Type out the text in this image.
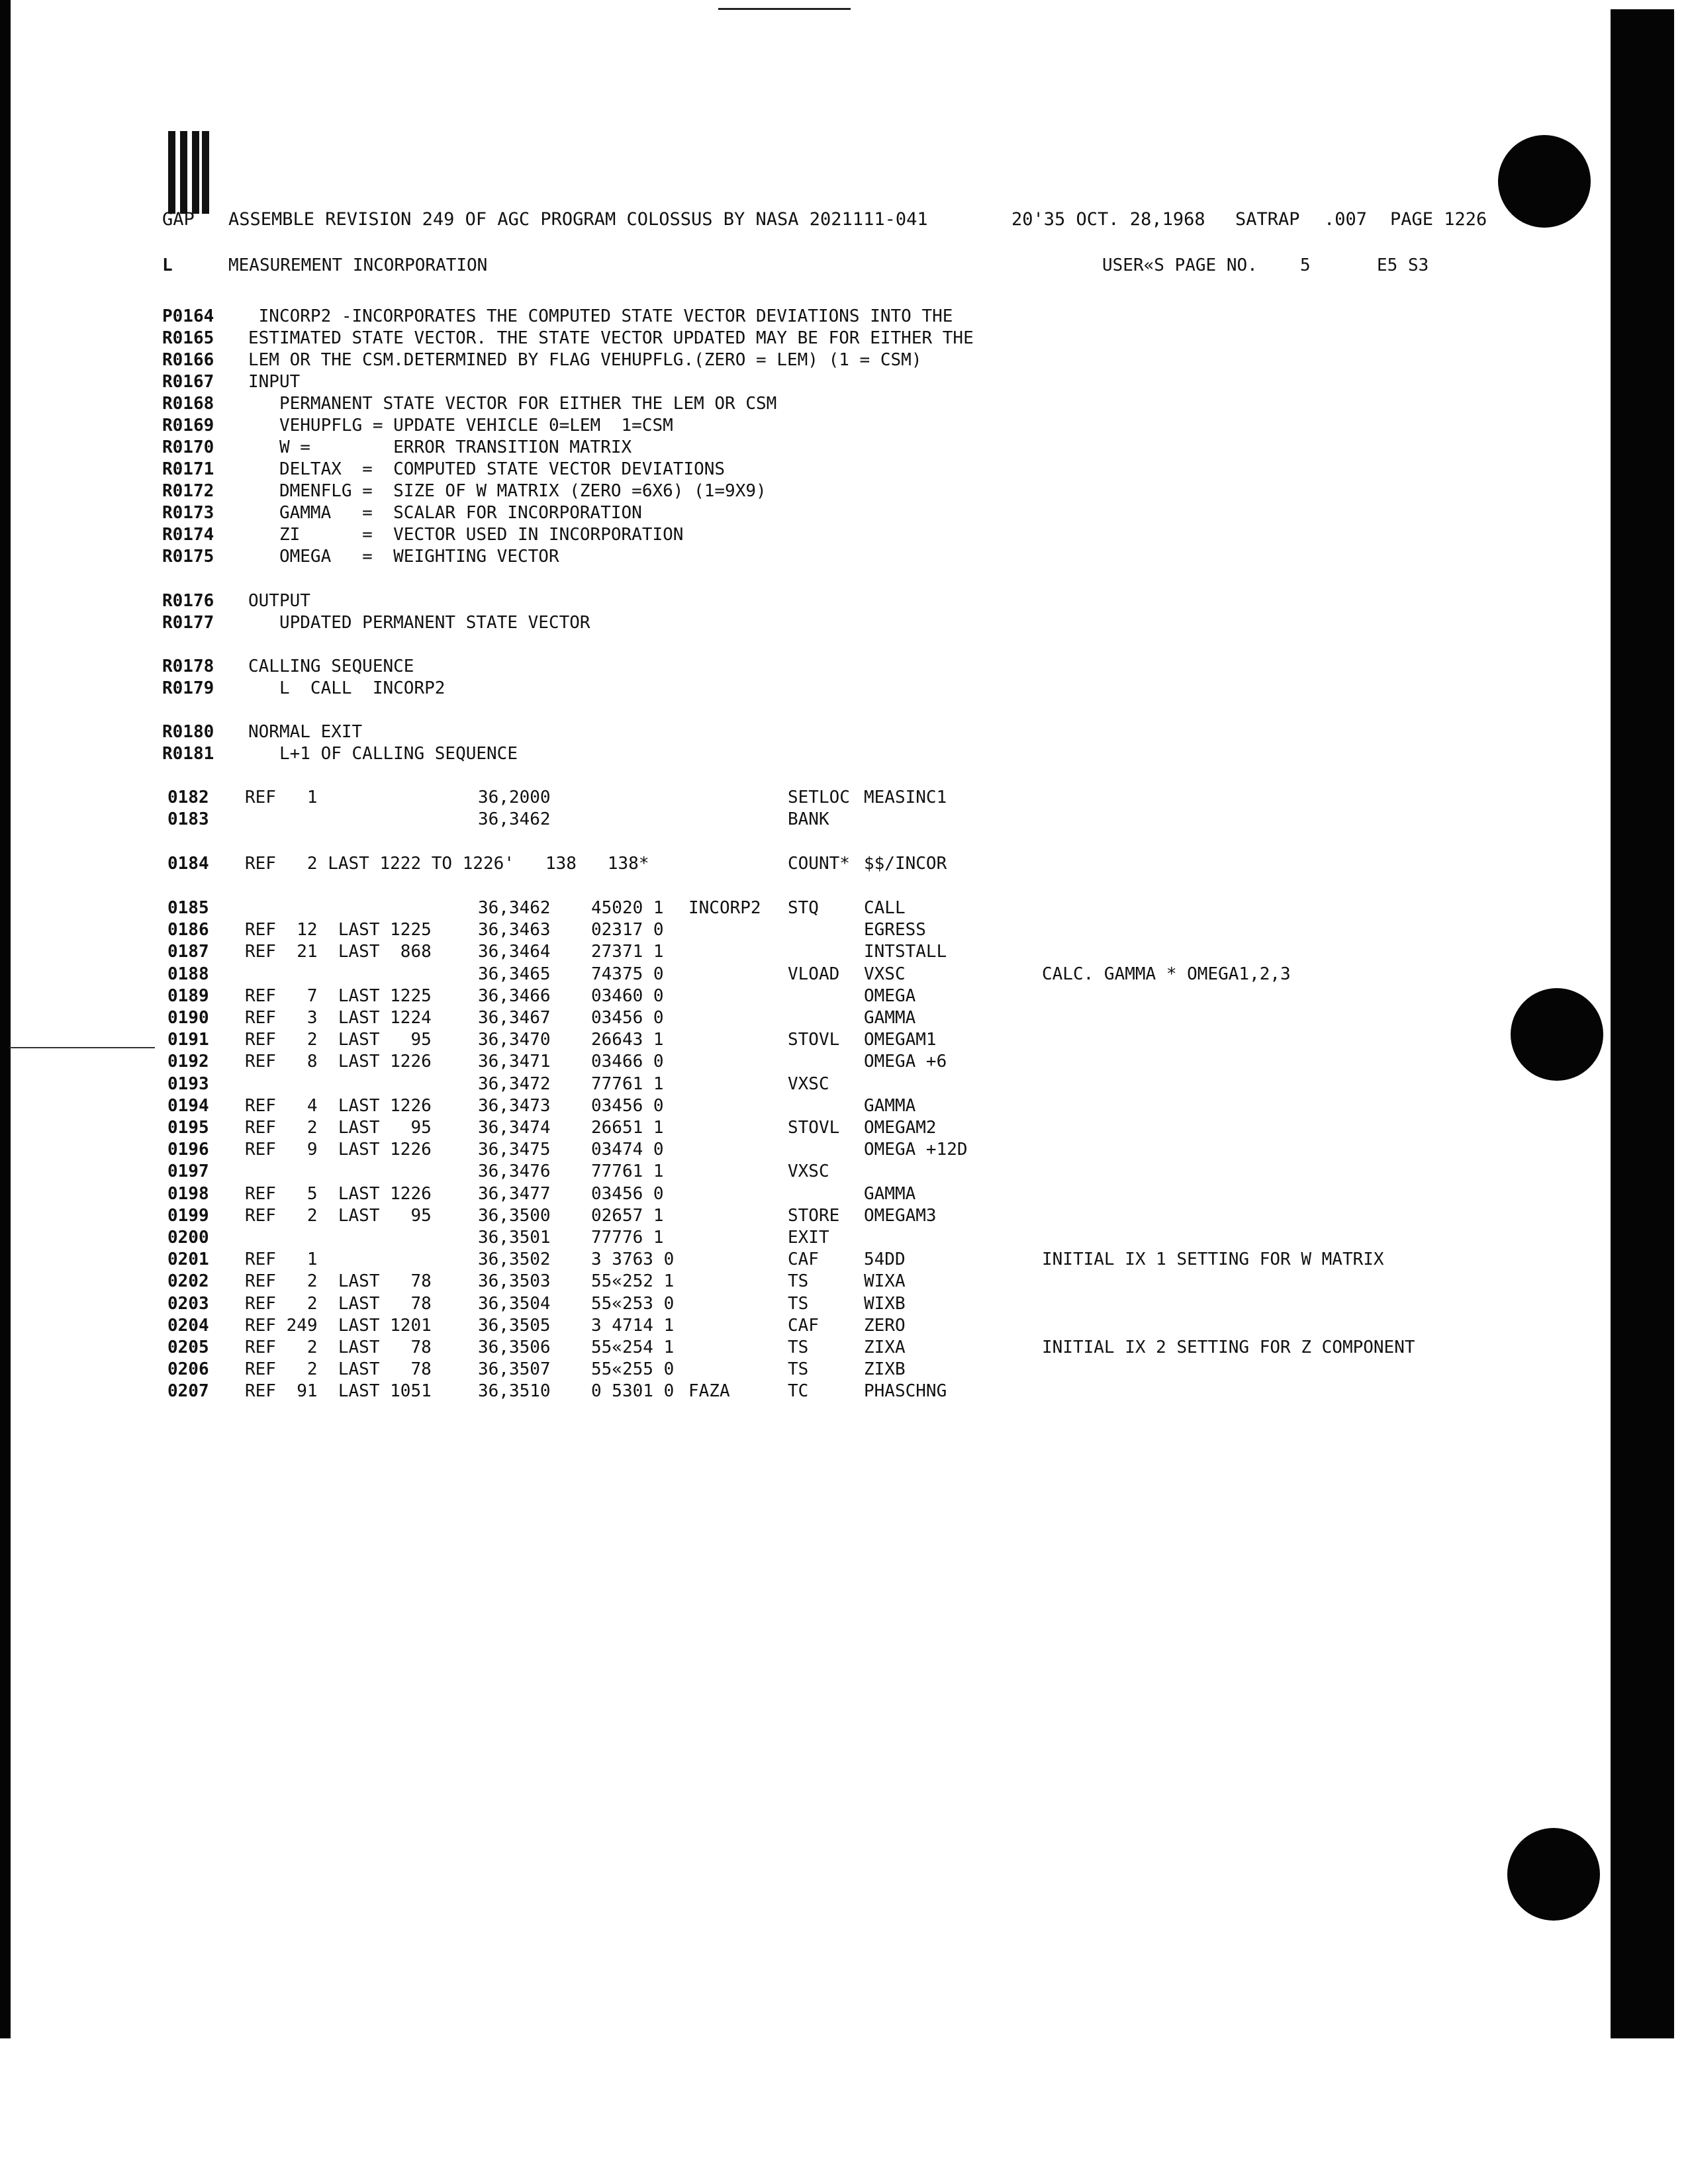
GAP ASSEMBLE REVISION 249 OF AGC PROGRAM COLOSSUS BY NASA 2021111-041	20'35 OCT. 28,1968 SATRAP .007 PAGE 1226
L	MEASUREMENT INCORPORATION	USER«S PAGE NO. 5	E5 S3
P0164 INCORP2 -INCORPORATES THE COMPUTED STATE VECTOR DEVIATIONS INTO THE
R0165 ESTIMATED STATE VECTOR. THE STATE VECTOR UPDATED MAY BE FOR EITHER THE
R0166 LEM OR THE CSM.DETERMINED BY FLAG VEHUPFLG.(ZERO = LEM) (1 = CSM)
R0167 INPUT
R0168 PERMANENT STATE VECTOR FOR EITHER THE LEM OR CSM
R0169 VEHUPFLG = UPDATE VEHICLE 0=LEM  1=CSM
R0170 W =        ERROR TRANSITION MATRIX
R0171 DELTAX  =  COMPUTED STATE VECTOR DEVIATIONS
R0172 DMENFLG =  SIZE OF W MATRIX (ZERO =6X6) (1=9X9)
R0173 GAMMA   =  SCALAR FOR INCORPORATION
R0174 ZI      =  VECTOR USED IN INCORPORATION
R0175 OMEGA   =  WEIGHTING VECTOR
R0176 OUTPUT
R0177 UPDATED PERMANENT STATE VECTOR
R0178 CALLING SEQUENCE
R0179 L  CALL  INCORP2
R0180 NORMAL EXIT
R0181 L+1 OF CALLING SEQUENCE
0182 REF   1	36,2000	SETLOC MEASINC1
0183	36,3462	BANK
0184 REF   2 LAST 1222 TO 1226'   138   138*	COUNT* $$/INCOR
0185	36,3462 45020 1 INCORP2 STQ	CALL
0186 REF  12  LAST 1225	36,3463 02317 0	EGRESS
0187 REF  21  LAST  868	36,3464 27371 1	INTSTALL
0188	36,3465 74375 0	VLOAD VXSC	CALC. GAMMA * OMEGA1,2,3
0189 REF   7  LAST 1225	36,3466 03460 0	OMEGA
0190 REF   3  LAST 1224	36,3467 03456 0	GAMMA
0191 REF   2  LAST   95	36,3470 26643 1	STOVL OMEGAM1
0192 REF   8  LAST 1226	36,3471 03466 0	OMEGA +6
0193	36,3472 77761 1	VXSC
0194 REF   4  LAST 1226	36,3473 03456 0	GAMMA
0195 REF   2  LAST   95	36,3474 26651 1	STOVL OMEGAM2
0196 REF   9  LAST 1226	36,3475 03474 0	OMEGA +12D
0197	36,3476 77761 1	VXSC
0198 REF   5  LAST 1226	36,3477 03456 0	GAMMA
0199 REF   2  LAST   95	36,3500 02657 1	STORE OMEGAM3
0200	36,3501 77776 1	EXIT
0201 REF   1	36,3502 3 3763 0	CAF	54DD	INITIAL IX 1 SETTING FOR W MATRIX
0202 REF   2  LAST   78	36,3503 55«252 1	TS	WIXA
0203 REF   2  LAST   78	36,3504 55«253 0	TS	WIXB
0204 REF 249  LAST 1201	36,3505 3 4714 1	CAF	ZERO
0205 REF   2  LAST   78	36,3506 55«254 1	TS	ZIXA	INITIAL IX 2 SETTING FOR Z COMPONENT
0206 REF   2  LAST   78	36,3507 55«255 0	TS	ZIXB
0207 REF  91  LAST 1051	36,3510 0 5301 0 FAZA	TC	PHASCHNG
